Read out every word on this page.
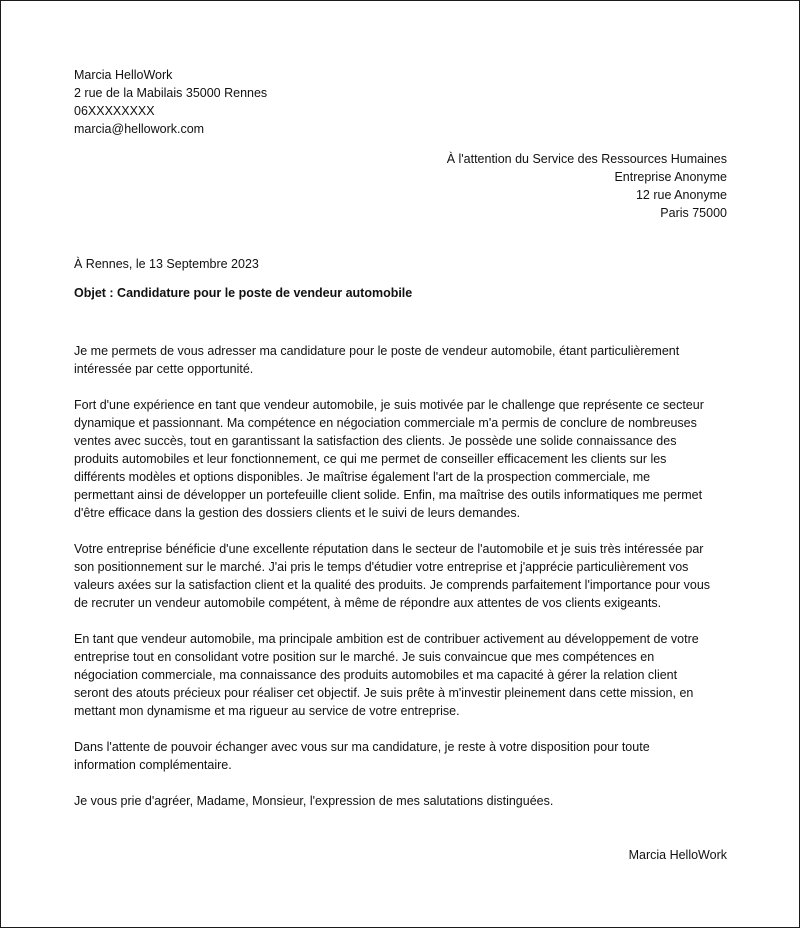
Marcia HelloWork
2 rue de la Mabilais 35000 Rennes
06XXXXXXXX
marcia@hellowork.com
À l'attention du Service des Ressources Humaines
Entreprise Anonyme
12 rue Anonyme
Paris 75000
À Rennes, le 13 Septembre 2023
Objet : Candidature pour le poste de vendeur automobile
Je me permets de vous adresser ma candidature pour le poste de vendeur automobile, étant particulièrement
intéressée par cette opportunité.
Fort d'une expérience en tant que vendeur automobile, je suis motivée par le challenge que représente ce secteur
dynamique et passionnant. Ma compétence en négociation commerciale m'a permis de conclure de nombreuses
ventes avec succès, tout en garantissant la satisfaction des clients. Je possède une solide connaissance des
produits automobiles et leur fonctionnement, ce qui me permet de conseiller efficacement les clients sur les
différents modèles et options disponibles. Je maîtrise également l'art de la prospection commerciale, me
permettant ainsi de développer un portefeuille client solide. Enfin, ma maîtrise des outils informatiques me permet
d'être efficace dans la gestion des dossiers clients et le suivi de leurs demandes.
Votre entreprise bénéficie d'une excellente réputation dans le secteur de l'automobile et je suis très intéressée par
son positionnement sur le marché. J'ai pris le temps d'étudier votre entreprise et j'apprécie particulièrement vos
valeurs axées sur la satisfaction client et la qualité des produits. Je comprends parfaitement l'importance pour vous
de recruter un vendeur automobile compétent, à même de répondre aux attentes de vos clients exigeants.
En tant que vendeur automobile, ma principale ambition est de contribuer activement au développement de votre
entreprise tout en consolidant votre position sur le marché. Je suis convaincue que mes compétences en
négociation commerciale, ma connaissance des produits automobiles et ma capacité à gérer la relation client
seront des atouts précieux pour réaliser cet objectif. Je suis prête à m'investir pleinement dans cette mission, en
mettant mon dynamisme et ma rigueur au service de votre entreprise.
Dans l'attente de pouvoir échanger avec vous sur ma candidature, je reste à votre disposition pour toute
information complémentaire.
Je vous prie d'agréer, Madame, Monsieur, l'expression de mes salutations distinguées.
Marcia HelloWork
